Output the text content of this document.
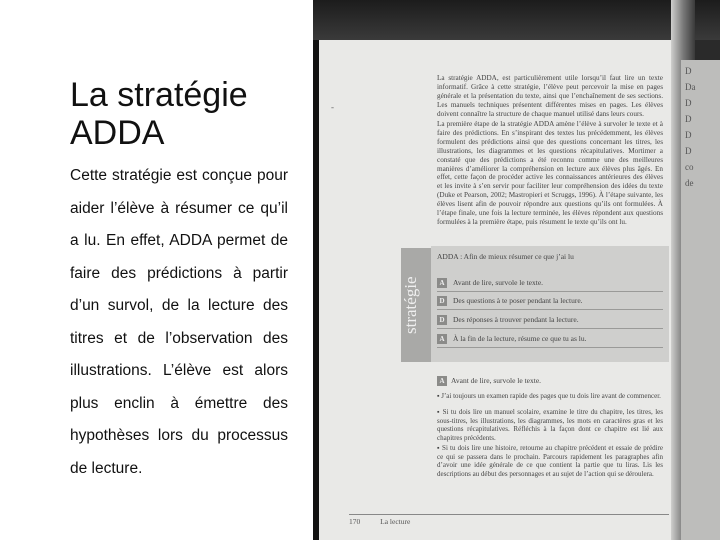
La stratégie
ADDA
Cette stratégie est conçue pour aider l’élève à résumer ce qu’il a lu. En effet, ADDA permet de faire des prédictions à partir d’un survol, de la lecture des titres et de l’observation des illustrations. L’élève est alors plus enclin à émettre des hypothèses lors du processus de lecture.
-
La stratégie ADDA, est particulièrement utile lorsqu’il faut lire un texte informatif. Grâce à cette stratégie, l’élève peut percevoir la mise en pages générale et la présentation du texte, ainsi que l’enchaînement de ses sections. Les manuels techniques présentent différentes mises en pages. Les élèves doivent connaître la structure de chaque manuel utilisé dans leurs cours.
La première étape de la stratégie ADDA amène l’élève à survoler le texte et à faire des prédictions. En s’inspirant des textes lus précédemment, les élèves formulent des prédictions ainsi que des questions concernant les titres, les illustrations, les diagrammes et les questions récapitulatives. Mortimer a constaté que des prédictions a été reconnu comme une des meilleures manières d’améliorer la compréhension en lecture aux élèves plus âgés. En effet, cette façon de procéder active les connaissances antérieures des élèves et les invite à s’en servir pour faciliter leur compréhension des idées du texte (Duke et Pearson, 2002; Mastropieri et Scruggs, 1996). À l’étape suivante, les élèves lisent afin de pouvoir répondre aux questions qu’ils ont formulées. À l’étape finale, une fois la lecture terminée, les élèves répondent aux questions formulées à la première étape, puis résument le texte qu’ils ont lu.
stratégie
ADDA : Afin de mieux résumer ce que j’ai lu
A Avant de lire, survole le texte.
D Des questions à te poser pendant la lecture.
D Des réponses à trouver pendant la lecture.
A À la fin de la lecture, résume ce que tu as lu.
A Avant de lire, survole le texte.
▪ J’ai toujours un examen rapide des pages que tu dois lire avant de commencer.
▪ Si tu dois lire un manuel scolaire, examine le titre du chapitre, les titres, les sous-titres, les illustrations, les diagrammes, les mots en caractères gras et les questions récapitulatives. Réfléchis à la façon dont ce chapitre est lié aux chapitres précédents.
▪ Si tu dois lire une histoire, retourne au chapitre précédent et essaie de prédire ce qui se passera dans le prochain. Parcours rapidement les paragraphes afin d’avoir une idée générale de ce que contient la partie que tu liras. Lis les descriptions au début des personnages et au sujet de l’action qui se déroulera.
170	La lecture
D
Da
D
D
D
D
co
de
